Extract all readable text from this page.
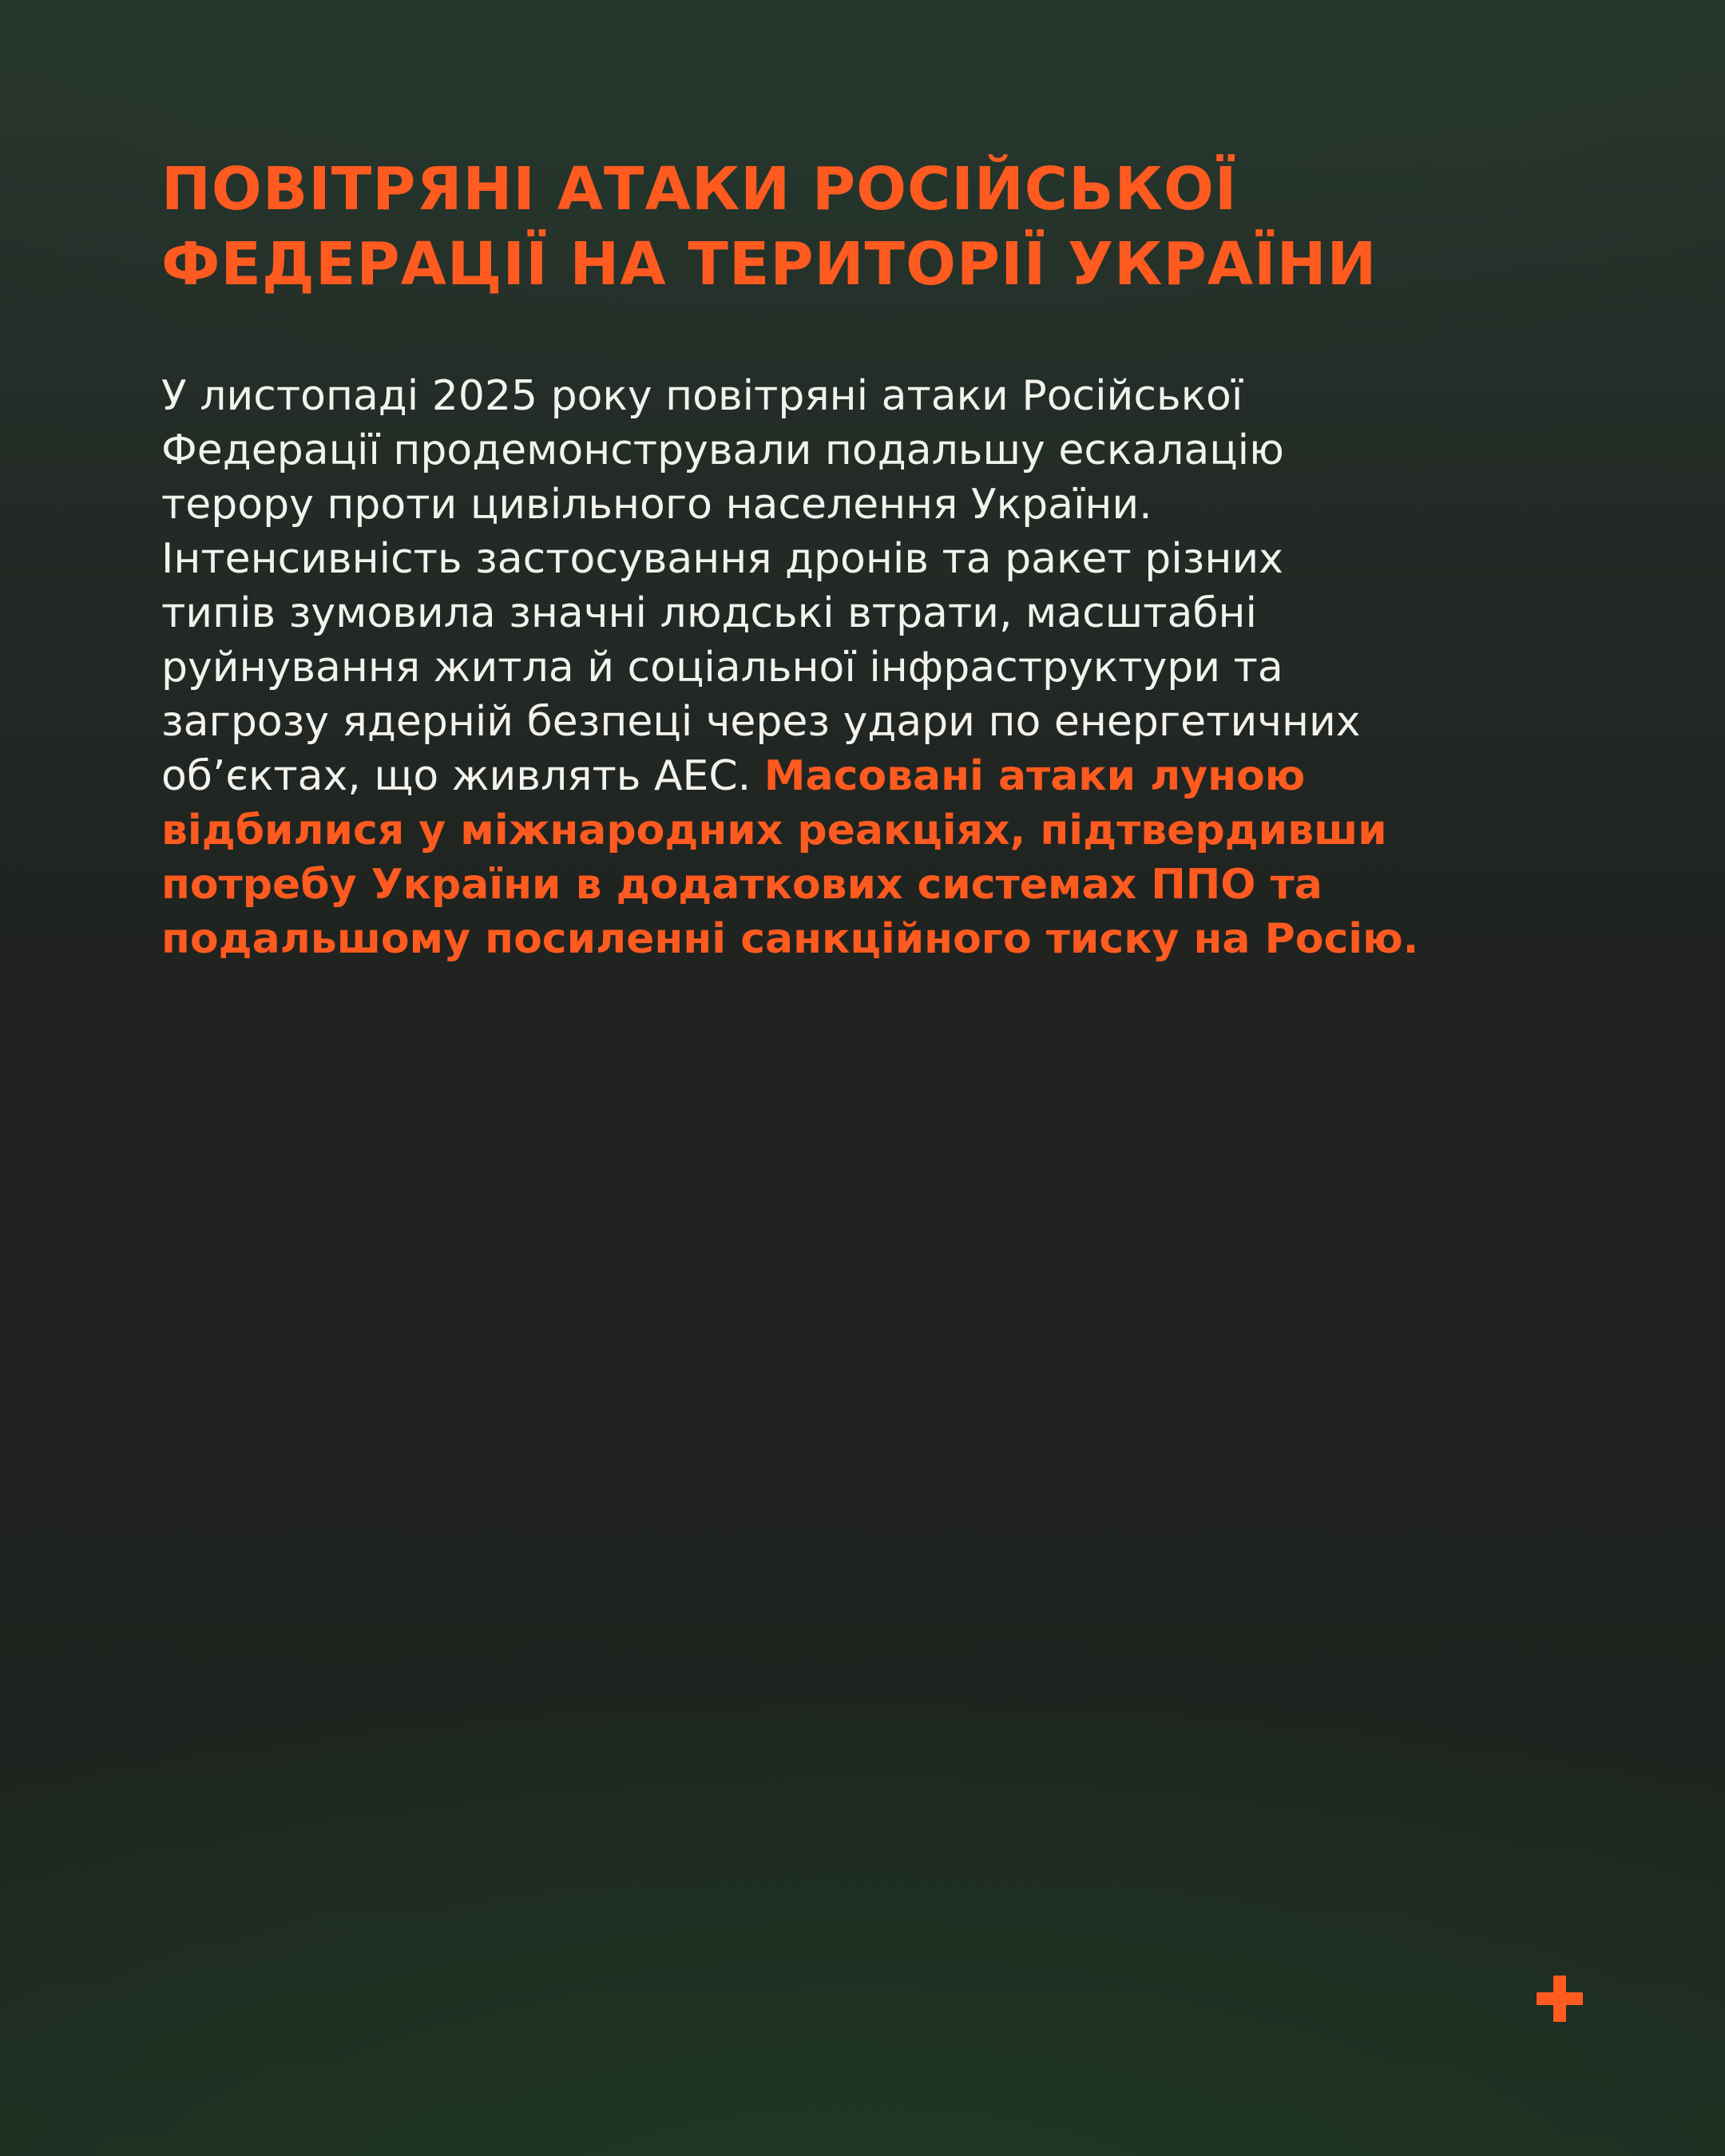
ПОВІТРЯНІ АТАКИ РОСІЙСЬКОЇ
ФЕДЕРАЦІЇ НА ТЕРИТОРІЇ УКРАЇНИ

У листопаді 2025 року повітряні атаки Російської
Федерації продемонстрували подальшу ескалацію
терору проти цивільного населення України.
Інтенсивність застосування дронів та ракет різних
типів зумовила значні людські втрати, масштабні
руйнування житла й соціальної інфраструктури та
загрозу ядерній безпеці через удари по енергетичних
об’єктах, що живлять АЕС. Масовані атаки луною
відбилися у міжнародних реакціях, підтвердивши
потребу України в додаткових системах ППО та
подальшому посиленні санкційного тиску на Росію.
